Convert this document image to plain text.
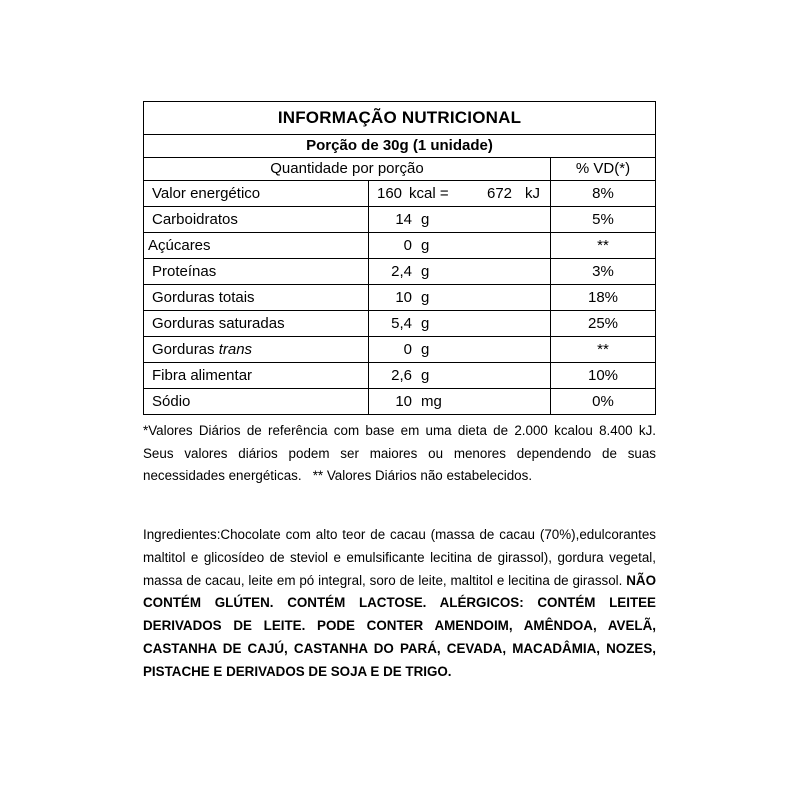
INFORMAÇÃO NUTRICIONAL
Porção de 30g (1 unidade)
Quantidade por porção	% VD(*)
Valor energético	160 kcal =	672 kJ	8%
Carboidratos	14 g	5%
Açúcares	0 g	**
Proteínas	2,4 g	3%
Gorduras totais	10 g	18%
Gorduras saturadas	5,4 g	25%
Gorduras trans	0 g	**
Fibra alimentar	2,6 g	10%
Sódio	10 mg	0%
*Valores Diários de referência com base em uma dieta de 2.000 kcalou 8.400 kJ. Seus valores diários podem ser maiores ou menores dependendo de suas necessidades energéticas.   ** Valores Diários não estabelecidos.
Ingredientes:Chocolate com alto teor de cacau (massa de cacau (70%),edulcorantes maltitol e glicosídeo de steviol e emulsificante lecitina de girassol), gordura vegetal, massa de cacau, leite em pó integral, soro de leite, maltitol e lecitina de girassol. NÃO CONTÉM GLÚTEN. CONTÉM LACTOSE. ALÉRGICOS: CONTÉM LEITEE DERIVADOS DE LEITE. PODE CONTER AMENDOIM, AMÊNDOA, AVELÃ, CASTANHA DE CAJÚ, CASTANHA DO PARÁ, CEVADA, MACADÂMIA, NOZES, PISTACHE E DERIVADOS DE SOJA E DE TRIGO.
